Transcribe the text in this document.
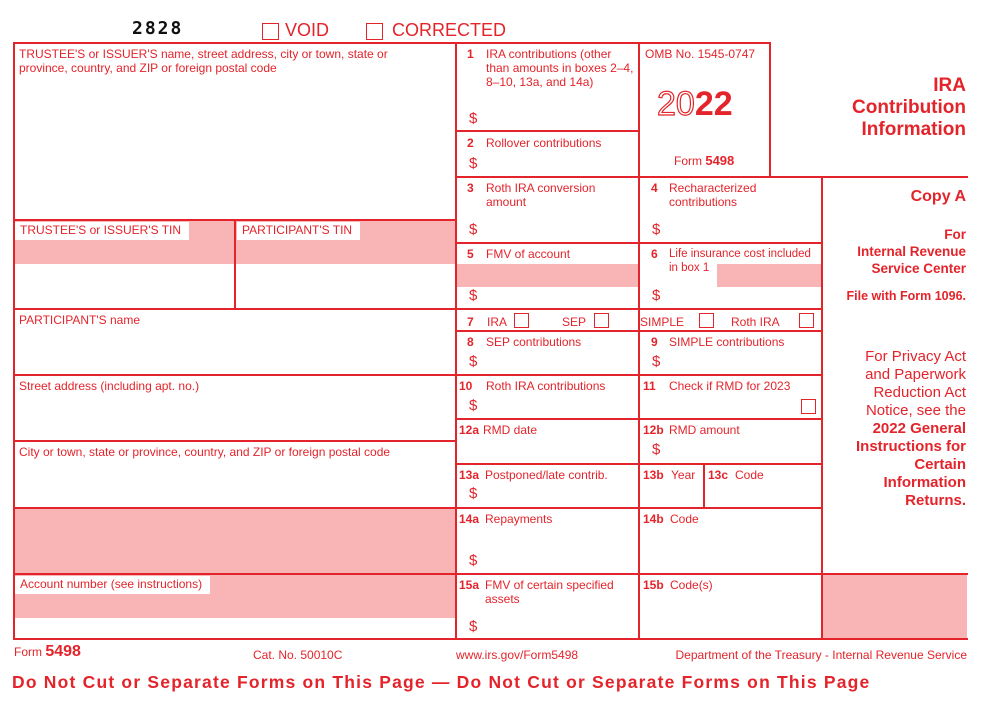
2828	VOID	CORRECTED
TRUSTEE'S or ISSUER'S name, street address, city or town, state or province, country, and ZIP or foreign postal code
TRUSTEE'S or ISSUER'S TIN	PARTICIPANT'S TIN
PARTICIPANT'S name
Street address (including apt. no.)
City or town, state or province, country, and ZIP or foreign postal code
Account number (see instructions)
1 IRA contributions (other than amounts in boxes 2–4, 8–10, 13a, and 14a)
$
2 Rollover contributions
$
3 Roth IRA conversion amount
$
4 Recharacterized contributions
$
5 FMV of account
$
6 Life insurance cost included in box 1
$
7 IRA	SEP	SIMPLE	Roth IRA
8 SEP contributions
$
9 SIMPLE contributions
$
10 Roth IRA contributions
$
11 Check if RMD for 2023
12a RMD date	12b RMD amount
$
13a Postponed/late contrib.
$
13b Year 13c Code
14a Repayments
$
14b Code
15a FMV of certain specified assets
$
15b Code(s)
OMB No. 1545-0747
2022
Form 5498
IRA
Contribution
Information
Copy A
For
Internal Revenue
Service Center
File with Form 1096.
For Privacy Act
and Paperwork
Reduction Act
Notice, see the
2022 General
Instructions for
Certain
Information
Returns.
Form 5498	Cat. No. 50010C	www.irs.gov/Form5498	Department of the Treasury - Internal Revenue Service
Do Not Cut or Separate Forms on This Page — Do Not Cut or Separate Forms on This Page
